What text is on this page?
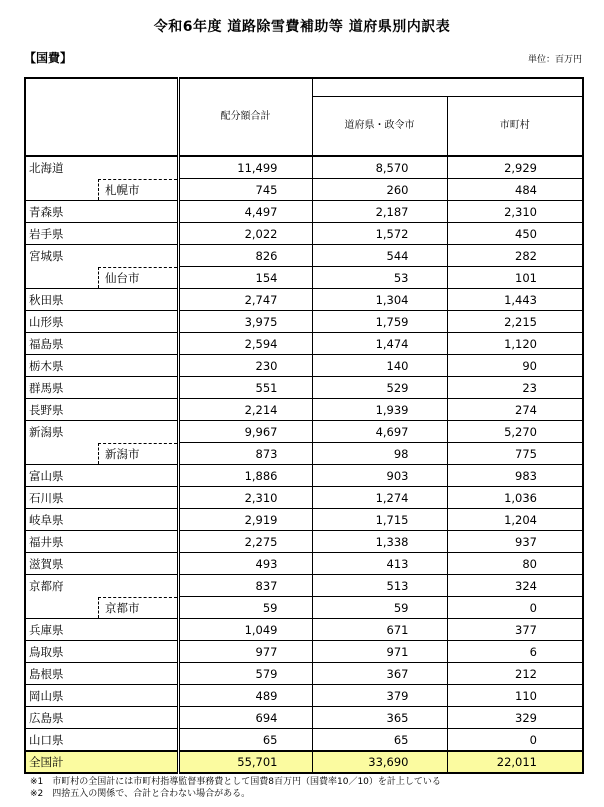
令和6年度 道路除雪費補助等 道府県別内訳表
【国費】	単位：百万円
	配分額合計		
		道府県・政令市	市町村
北海道	11,499	8,570	2,929

札幌市	745	260	484
青森県	4,497	2,187	2,310
岩手県	2,022	1,572	450
宮城県	826	544	282

仙台市	154	53	101
秋田県	2,747	1,304	1,443
山形県	3,975	1,759	2,215
福島県	2,594	1,474	1,120
栃木県	230	140	90
群馬県	551	529	23
長野県	2,214	1,939	274
新潟県	9,967	4,697	5,270

新潟市	873	98	775
富山県	1,886	903	983
石川県	2,310	1,274	1,036
岐阜県	2,919	1,715	1,204
福井県	2,275	1,338	937
滋賀県	493	413	80
京都府	837	513	324

京都市	59	59	0
兵庫県	1,049	671	377
鳥取県	977	971	6
島根県	579	367	212
岡山県	489	379	110
広島県	694	365	329
山口県	65	65	0
全国計	55,701	33,690	22,011
※1　市町村の全国計には市町村指導監督事務費として国費8百万円（国費率10／10）を計上している
※2　四捨五入の関係で、合計と合わない場合がある。
